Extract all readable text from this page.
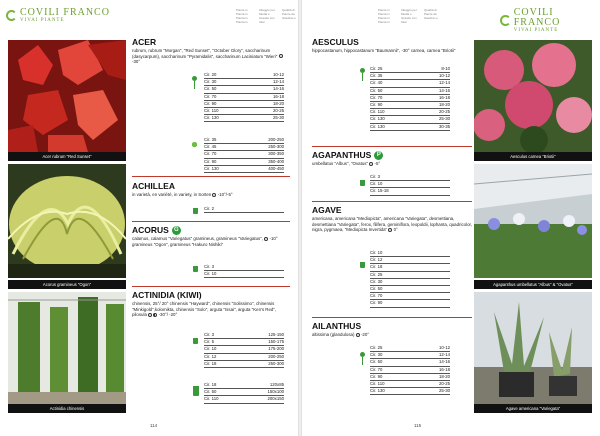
COVILI FRANCO
VIVAI PIANTE
Piante in Pianta in Pianta in Pianta in
Alleggio per Media e Grande con Vasi
Qualità di Piante da Giardino e
Acer rubrum "Red Sunset"
Acorus gramineus "Ogon"
Actinidia chinensis
ACER
rubrum, rubrum "Morgan", "Red Sunset", "October Glory", saccharinum (dasycarpum), saccharinum "Pyramidalis", saccharinum Laciniatum "Wieri"  -30°
Cir. 20	10-12
Cir. 30	12-14
Cir. 50	14-16
Cir. 70	16-18
Cir. 90	18-20
Cir. 110	20-25
Cir. 130	25-30
Cir. 35	200-250
Cir. 45	250-300
Cir. 70	300-350
Cir. 90	350-400
Cir. 130	400-450
ACHILLEA
in varietà, en variété, in variety, in Sorten -10°/-5°
Cir. 2
ACORUS G
calamus, calamus "Variegatus" gramineus, gramineus "Variegatus", -10°
gramineus "Ogon", gramineus "Hakuro Nishiki"
Cir. 3
Cir. 10
ACTINIDIA (KIWI)
chinensis, 25°/ 20° chinensis "Hayward", chinensis "Solissimo", chinensis "Minkigold",kolomikta, chinensis "Solo", arguta "Issai", arguta "Ken's Red", pilosula	-30°/ -20°
Cir. 3	125-150
Cir. 5	150-175
Cir. 10	175-200
Cir. 12	200-250
Cir. 18	250-300
Cir. 18	120x85
Cir. 50	150x100
Cir. 110	200x150
114
Piante in Pianta in Pianta in Pianta in
Alleggio per Media e Grande con Vasi
Qualità di Piante da Giardino e	COVILI FRANCO
VIVAI PIANTE
AESCULUS
hippocastanum, hippocastanum "Baumannii", -30° carnea, carnea "Briotii"
Cir. 25	8-10
Cir. 35	10-12
Cir. 40	12-14
Cir. 50	14-16
Cir. 70	16-18
Cir. 90	18-20
Cir. 110	20-25
Cir. 130	25-30
Cir. 130	30-35
AGAPANTHUS P
umbellatus "Albus", "Ovatus" -5°
Cir. 3
Cir. 10
Cir. 15-18
AGAVE
americana, americana "Mediopicta", americana "Variegata", desmettiana, desmettiana "Variegata", ferox, filifera, geminiflora, leopoldii, lophanta, quadricolor, nigra, pygmaea, "Mediopicta Invertida" 0°
Cir. 10
Cir. 12
Cir. 18
Cir. 25
Cir. 30
Cir. 50
Cir. 70
Cir. 90
AILANTHUS
altissima (glandulosa) -20°
Cir. 25	10-12
Cir. 30	12-14
Cir. 50	14-16
Cir. 70	16-18
Cir. 90	18-20
Cir. 110	20-25
Cir. 130	25-30
Aesculus carnea "Briotii"
Agapanthus umbellatus "Albus" & "Ovatus"
Agave americana "Variegata"
115
